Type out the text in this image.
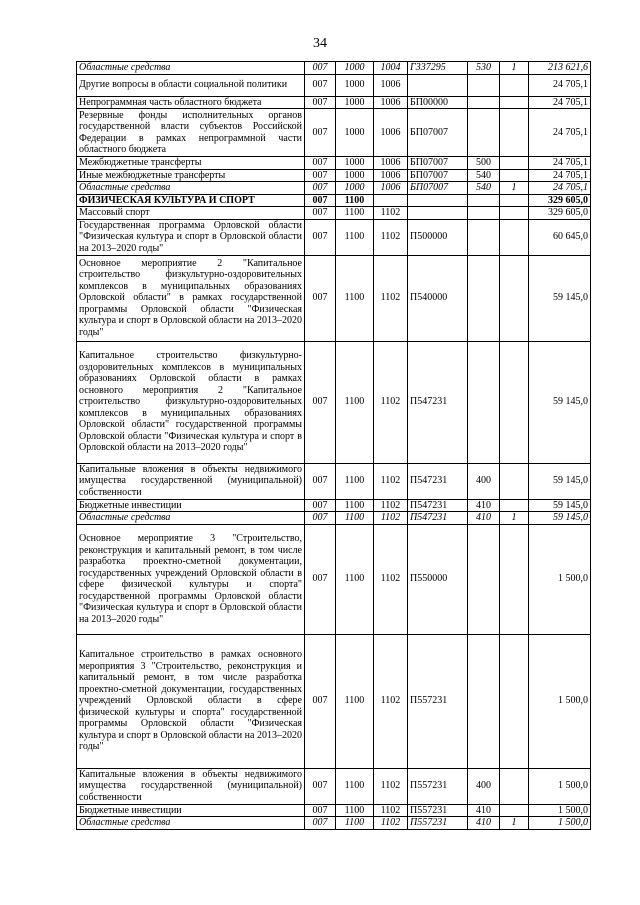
34
Областные средства	007	1000	1004	Г337295	530	1	213 621,6
Другие вопросы в области социальной политики	007	1000	1006				24 705,1
Непрограммная часть областного бюджета	007	1000	1006	БП00000			24 705,1
Резервные фонды исполнительных органов государственной власти субъектов Российской Федерации в рамках непрограммной части областного бюджета	007	1000	1006	БП07007			24 705,1
Межбюджетные трансферты	007	1000	1006	БП07007	500		24 705,1
Иные межбюджетные трансферты	007	1000	1006	БП07007	540		24 705,1
Областные средства	007	1000	1006	БП07007	540	1	24 705,1
ФИЗИЧЕСКАЯ КУЛЬТУРА И СПОРТ	007	1100					329 605,0
Массовый спорт	007	1100	1102				329 605,0
Государственная программа Орловской области "Физическая культура и спорт в Орловской области на 2013–2020 годы"	007	1100	1102	П500000			60 645,0
Основное мероприятие 2 "Капитальное строительство физкультурно-оздоровительных комплексов в муниципальных образованиях Орловской области" в рамках государственной программы Орловской области "Физическая культура и спорт в Орловской области на 2013–2020 годы"	007	1100	1102	П540000			59 145,0
Капитальное строительство физкультурно-оздоровительных комплексов в муниципальных образованиях Орловской области в рамках основного мероприятия 2 "Капитальное строительство физкультурно-оздоровительных комплексов в муниципальных образованиях Орловской области" государственной программы Орловской области "Физическая культура и спорт в Орловской области на 2013–2020 годы"	007	1100	1102	П547231			59 145,0
Капитальные вложения в объекты недвижимого имущества государственной (муниципальной) собственности	007	1100	1102	П547231	400		59 145,0
Бюджетные инвестиции	007	1100	1102	П547231	410		59 145,0
Областные средства	007	1100	1102	П547231	410	1	59 145,0
Основное мероприятие 3 "Строительство, реконструкция и капитальный ремонт, в том числе разработка проектно-сметной документации, государственных учреждений Орловской области в сфере физической культуры и спорта" государственной программы Орловской области "Физическая культура и спорт в Орловской области на 2013–2020 годы"	007	1100	1102	П550000			1 500,0
Капитальное строительство в рамках основного мероприятия 3 "Строительство, реконструкция и капитальный ремонт, в том числе разработка проектно-сметной документации, государственных учреждений Орловской области в сфере физической культуры и спорта" государственной программы Орловской области "Физическая культура и спорт в Орловской области на 2013–2020 годы"	007	1100	1102	П557231			1 500,0
Капитальные вложения в объекты недвижимого имущества государственной (муниципальной) собственности	007	1100	1102	П557231	400		1 500,0
Бюджетные инвестиции	007	1100	1102	П557231	410		1 500,0
Областные средства	007	1100	1102	П557231	410	1	1 500,0
